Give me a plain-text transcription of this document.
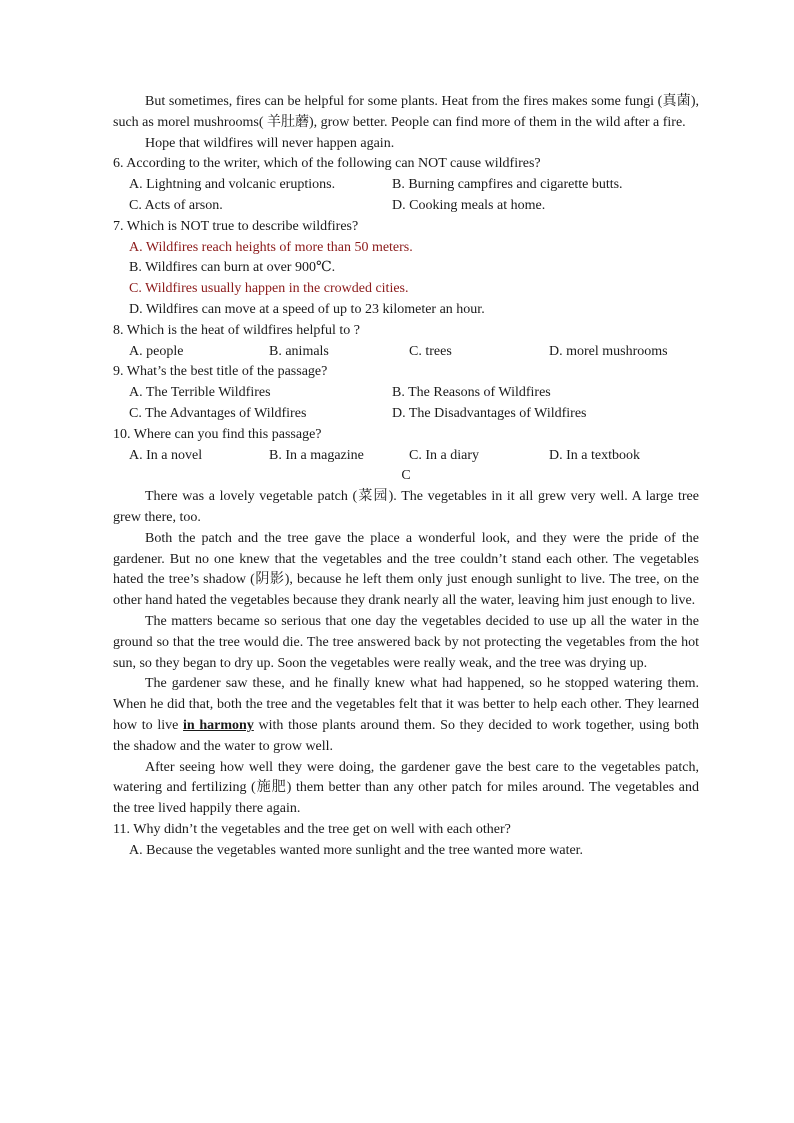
But sometimes, fires can be helpful for some plants. Heat from the fires makes some fungi (真菌), such as morel mushrooms( 羊肚蘑), grow better. People can find more of them in the wild after a fire.

Hope that wildfires will never happen again.

6. According to the writer, which of the following can NOT cause wildfires?

A. Lightning and volcanic eruptions.	B. Burning campfires and cigarette butts.
C. Acts of arson.	D. Cooking meals at home.

7. Which is NOT true to describe wildfires?

A. Wildfires reach heights of more than 50 meters.

B. Wildfires can burn at over 900℃.

C. Wildfires usually happen in the crowded cities.

D. Wildfires can move at a speed of up to 23 kilometer an hour.

8. Which is the heat of wildfires helpful to ?

A. people	B. animals	C. trees	D. morel mushrooms

9. What’s the best title of the passage?

A. The Terrible Wildfires	B. The Reasons of Wildfires
C. The Advantages of Wildfires	D. The Disadvantages of Wildfires

10. Where can you find this passage?

A. In a novel	B. In a magazine	C. In a diary	D. In a textbook

C

There was a lovely vegetable patch (菜园). The vegetables in it all grew very well. A large tree grew there, too.

Both the patch and the tree gave the place a wonderful look, and they were the pride of the gardener. But no one knew that the vegetables and the tree couldn’t stand each other. The vegetables hated the tree’s shadow (阴影), because he left them only just enough sunlight to live. The tree, on the other hand hated the vegetables because they drank nearly all the water, leaving him just enough to live.

The matters became so serious that one day the vegetables decided to use up all the water in the ground so that the tree would die. The tree answered back by not protecting the vegetables from the hot sun, so they began to dry up. Soon the vegetables were really weak, and the tree was drying up.

The gardener saw these, and he finally knew what had happened, so he stopped watering them. When he did that, both the tree and the vegetables felt that it was better to help each other. They learned how to live in harmony with those plants around them. So they decided to work together, using both the shadow and the water to grow well.

After seeing how well they were doing, the gardener gave the best care to the vegetables patch, watering and fertilizing (施肥) them better than any other patch for miles around. The vegetables and the tree lived happily there again.

11. Why didn’t the vegetables and the tree get on well with each other?

A. Because the vegetables wanted more sunlight and the tree wanted more water.
